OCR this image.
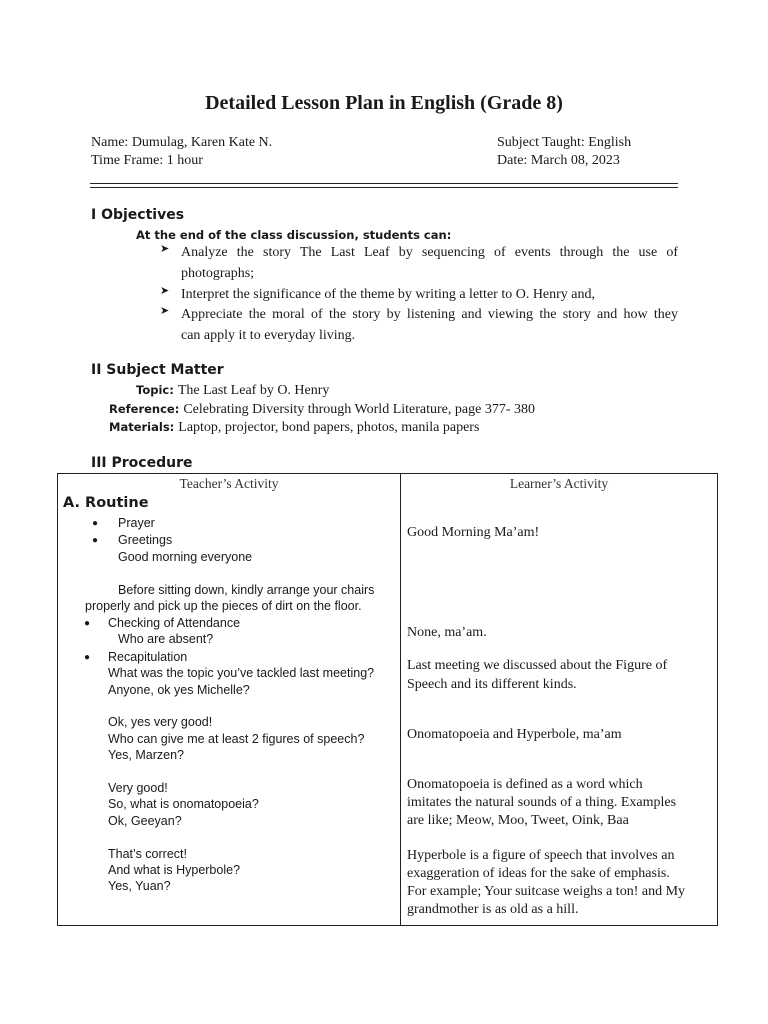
Detailed Lesson Plan in English (Grade 8)
Name: Dumulag, Karen Kate N.
Time Frame: 1 hour
Subject Taught: English
Date: March 08, 2023
I Objectives
At the end of the class discussion, students can:
➤ Analyze the story The Last Leaf by sequencing of events through the use of
photographs;
➤ Interpret the significance of the theme by writing a letter to O. Henry and,
➤ Appreciate the moral of the story by listening and viewing the story and how they
can apply it to everyday living.
II Subject Matter
Topic: The Last Leaf by O. Henry
Reference: Celebrating Diversity through World Literature, page 377- 380
Materials: Laptop, projector, bond papers, photos, manila papers
III Procedure
Teacher’s Activity	Learner’s Activity
A. Routine
● Prayer
● Greetings
Good morning everyone
Before sitting down, kindly arrange your chairs
properly and pick up the pieces of dirt on the floor.
● Checking of Attendance
Who are absent?
● Recapitulation
What was the topic you’ve tackled last meeting?
Anyone, ok yes Michelle?
Ok, yes very good!
Who can give me at least 2 figures of speech?
Yes, Marzen?
Very good!
So, what is onomatopoeia?
Ok, Geeyan?
That’s correct!
And what is Hyperbole?
Yes, Yuan?
Good Morning Ma’am!
None, ma’am.
Last meeting we discussed about the Figure of
Speech and its different kinds.
Onomatopoeia and Hyperbole, ma’am
Onomatopoeia is defined as a word which
imitates the natural sounds of a thing. Examples
are like; Meow, Moo, Tweet, Oink, Baa
Hyperbole is a figure of speech that involves an
exaggeration of ideas for the sake of emphasis.
For example; Your suitcase weighs a ton! and My
grandmother is as old as a hill.
